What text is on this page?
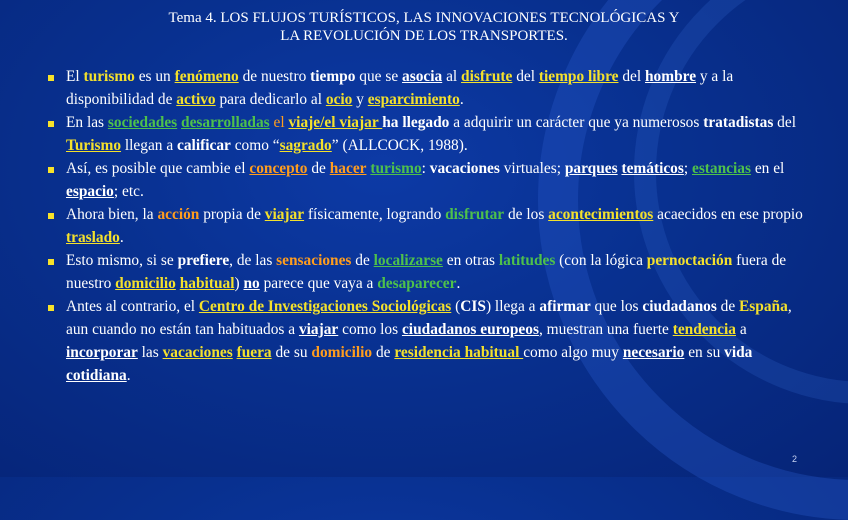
Tema 4. LOS FLUJOS TURÍSTICOS, LAS INNOVACIONES TECNOLÓGICAS Y
LA REVOLUCIÓN DE LOS TRANSPORTES.
El turismo es un fenómeno de nuestro tiempo que se asocia al disfrute del tiempo libre del hombre y a la disponibilidad de activo para dedicarlo al ocio y esparcimiento.
En las sociedades desarrolladas el viaje/el viajar ha llegado a adquirir un carácter que ya numerosos tratadistas del Turismo llegan a calificar como “sagrado” (ALLCOCK, 1988).
Así, es posible que cambie el concepto de hacer turismo: vacaciones virtuales; parques temáticos; estancias en el espacio; etc.
Ahora bien, la acción propia de viajar físicamente, logrando disfrutar de los acontecimientos acaecidos en ese propio traslado.
Esto mismo, si se prefiere, de las sensaciones de localizarse en otras latitudes (con la lógica pernoctación fuera de nuestro domicilio habitual) no parece que vaya a desaparecer.
Antes al contrario, el Centro de Investigaciones Sociológicas (CIS) llega a afirmar que los ciudadanos de España, aun cuando no están tan habituados a viajar como los ciudadanos europeos, muestran una fuerte tendencia a incorporar las vacaciones fuera de su domicilio de residencia habitual como algo muy necesario en su vida cotidiana.
2
